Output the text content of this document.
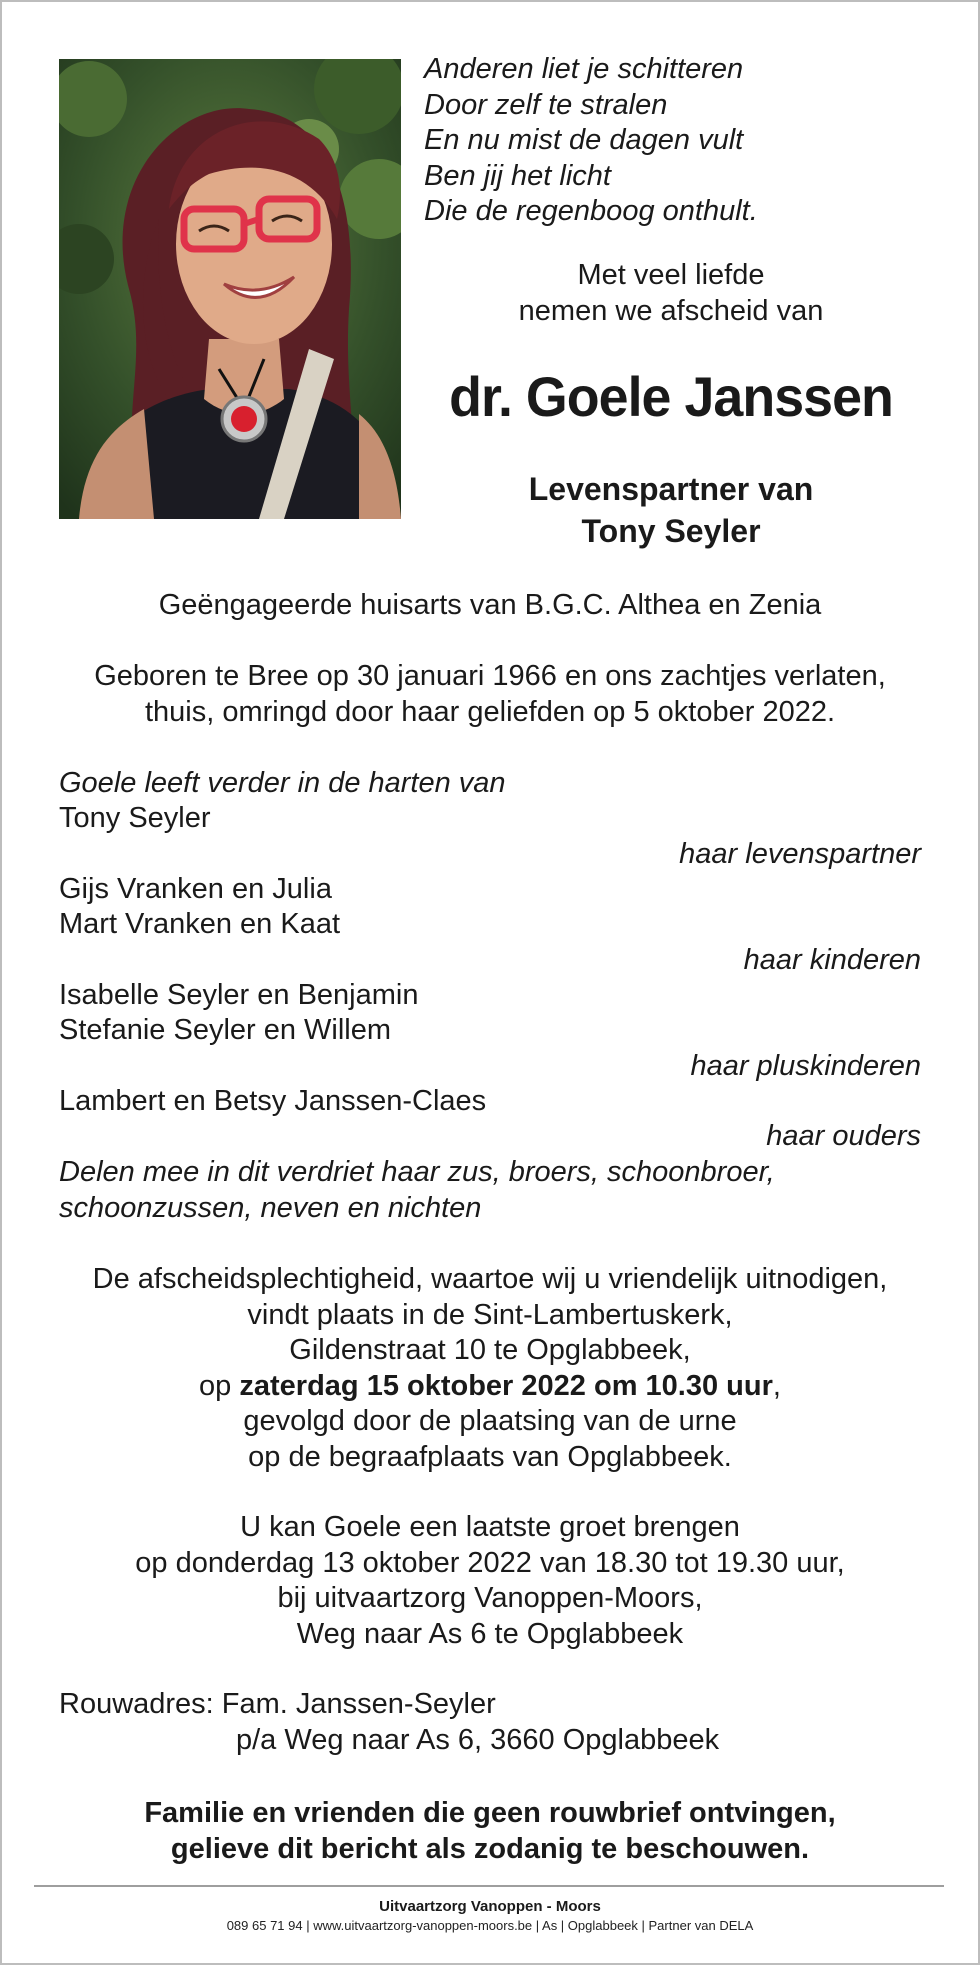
Anderen liet je schitteren
Door zelf te stralen
En nu mist de dagen vult
Ben jij het licht
Die de regenboog onthult.
Met veel liefde
nemen we afscheid van
dr. Goele Janssen
Levenspartner van
Tony Seyler
Geëngageerde huisarts van B.G.C. Althea en Zenia
Geboren te Bree op 30 januari 1966 en ons zachtjes verlaten,
thuis, omringd door haar geliefden op 5 oktober 2022.
Goele leeft verder in de harten van
Tony Seyler
haar levenspartner
Gijs Vranken en Julia
Mart Vranken en Kaat
haar kinderen
Isabelle Seyler en Benjamin
Stefanie Seyler en Willem
haar pluskinderen
Lambert en Betsy Janssen-Claes
haar ouders
Delen mee in dit verdriet haar zus, broers, schoonbroer,
schoonzussen, neven en nichten
De afscheidsplechtigheid, waartoe wij u vriendelijk uitnodigen,
vindt plaats in de Sint-Lambertuskerk,
Gildenstraat 10 te Opglabbeek,
op zaterdag 15 oktober 2022 om 10.30 uur,
gevolgd door de plaatsing van de urne
op de begraafplaats van Opglabbeek.
U kan Goele een laatste groet brengen
op donderdag 13 oktober 2022 van 18.30 tot 19.30 uur,
bij uitvaartzorg Vanoppen-Moors,
Weg naar As 6 te Opglabbeek
Rouwadres: Fam. Janssen-Seyler
p/a Weg naar As 6, 3660 Opglabbeek
Familie en vrienden die geen rouwbrief ontvingen,
gelieve dit bericht als zodanig te beschouwen.
Uitvaartzorg Vanoppen - Moors
089 65 71 94 | www.uitvaartzorg-vanoppen-moors.be | As | Opglabbeek | Partner van DELA
